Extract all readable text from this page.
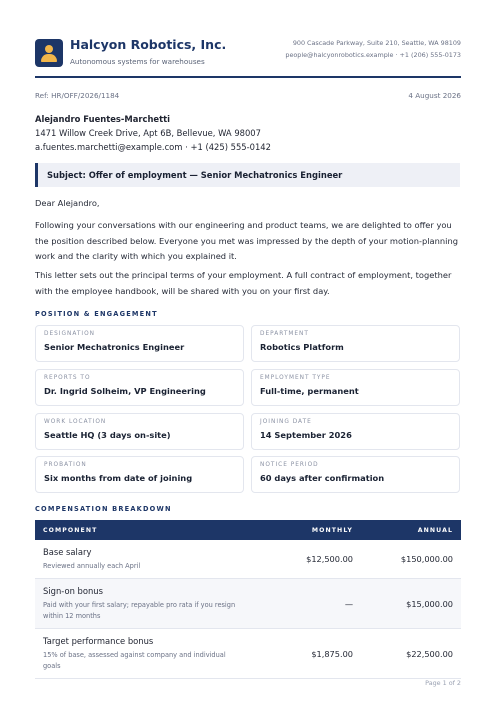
Halcyon Robotics, Inc.
Autonomous systems for warehouses
900 Cascade Parkway, Suite 210, Seattle, WA 98109
people@halcyonrobotics.example · +1 (206) 555-0173
Ref: HR/OFF/2026/1184	4 August 2026
Alejandro Fuentes-Marchetti
1471 Willow Creek Drive, Apt 6B, Bellevue, WA 98007
a.fuentes.marchetti@example.com · +1 (425) 555-0142
Subject: Offer of employment — Senior Mechatronics Engineer
Dear Alejandro,
Following your conversations with our engineering and product teams, we are delighted to offer you the position described below. Everyone you met was impressed by the depth of your motion-planning work and the clarity with which you explained it.
This letter sets out the principal terms of your employment. A full contract of employment, together with the employee handbook, will be shared with you on your first day.
POSITION & ENGAGEMENT
DESIGNATION
Senior Mechatronics Engineer
DEPARTMENT
Robotics Platform
REPORTS TO
Dr. Ingrid Solheim, VP Engineering
EMPLOYMENT TYPE
Full-time, permanent
WORK LOCATION
Seattle HQ (3 days on-site)
JOINING DATE
14 September 2026
PROBATION
Six months from date of joining
NOTICE PERIOD
60 days after confirmation
COMPENSATION BREAKDOWN
COMPONENT	MONTHLY	ANNUAL

Base salary
Reviewed annually each April	$12,500.00	$150,000.00

Sign-on bonus
Paid with your first salary; repayable pro rata if you resign within 12 months	—	$15,000.00

Target performance bonus
15% of base, assessed against company and individual goals	$1,875.00	$22,500.00
Page 1 of 2
